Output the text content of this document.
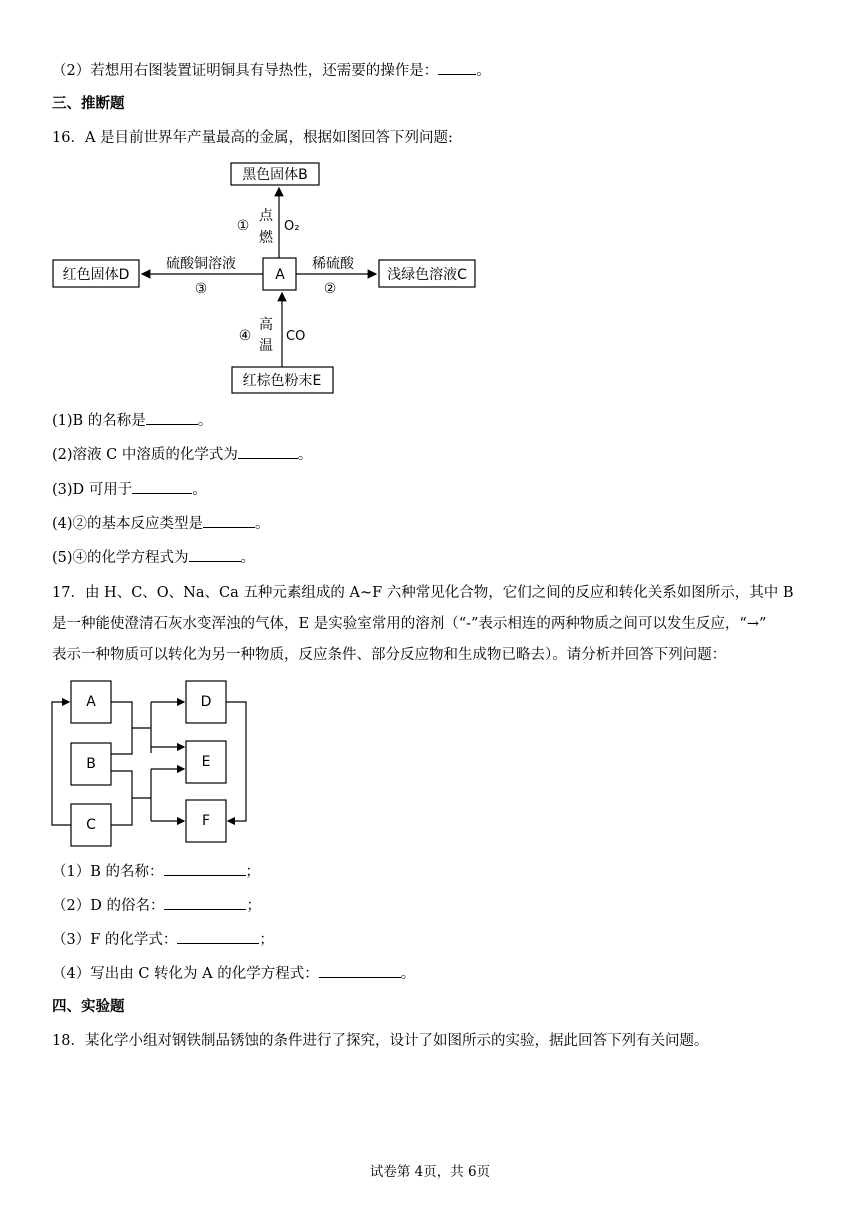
（2）若想用右图装置证明铜具有导热性，还需要的操作是：	。
三、推断题
16．A 是目前世界年产量最高的金属，根据如图回答下列问题:
黑色固体B
A
红色固体D	浅绿色溶液C
红棕色粉末E
①
点
燃
O₂
稀硫酸
②
硫酸铜溶液
③
④
高
温
CO
(1)B 的名称是	。
(2)溶液 C 中溶质的化学式为	。
(3)D 可用于	。
(4)②的基本反应类型是	。
(5)④的化学方程式为	。
17．由 H、C、O、Na、Ca 五种元素组成的 A~F 六种常见化合物，它们之间的反应和转化关系如图所示，其中 B
是一种能使澄清石灰水变浑浊的气体，E 是实验室常用的溶剂（“-”表示相连的两种物质之间可以发生反应，“→”
表示一种物质可以转化为另一种物质，反应条件、部分反应物和生成物已略去）。请分析并回答下列问题：
A
B
C
D
E
F
（1）B 的名称：	；
（2）D 的俗名：	；
（3）F 的化学式：	；
（4）写出由 C 转化为 A 的化学方程式：	。
四、实验题
18．某化学小组对钢铁制品锈蚀的条件进行了探究，设计了如图所示的实验，据此回答下列有关问题。
试卷第 4页，共 6页
